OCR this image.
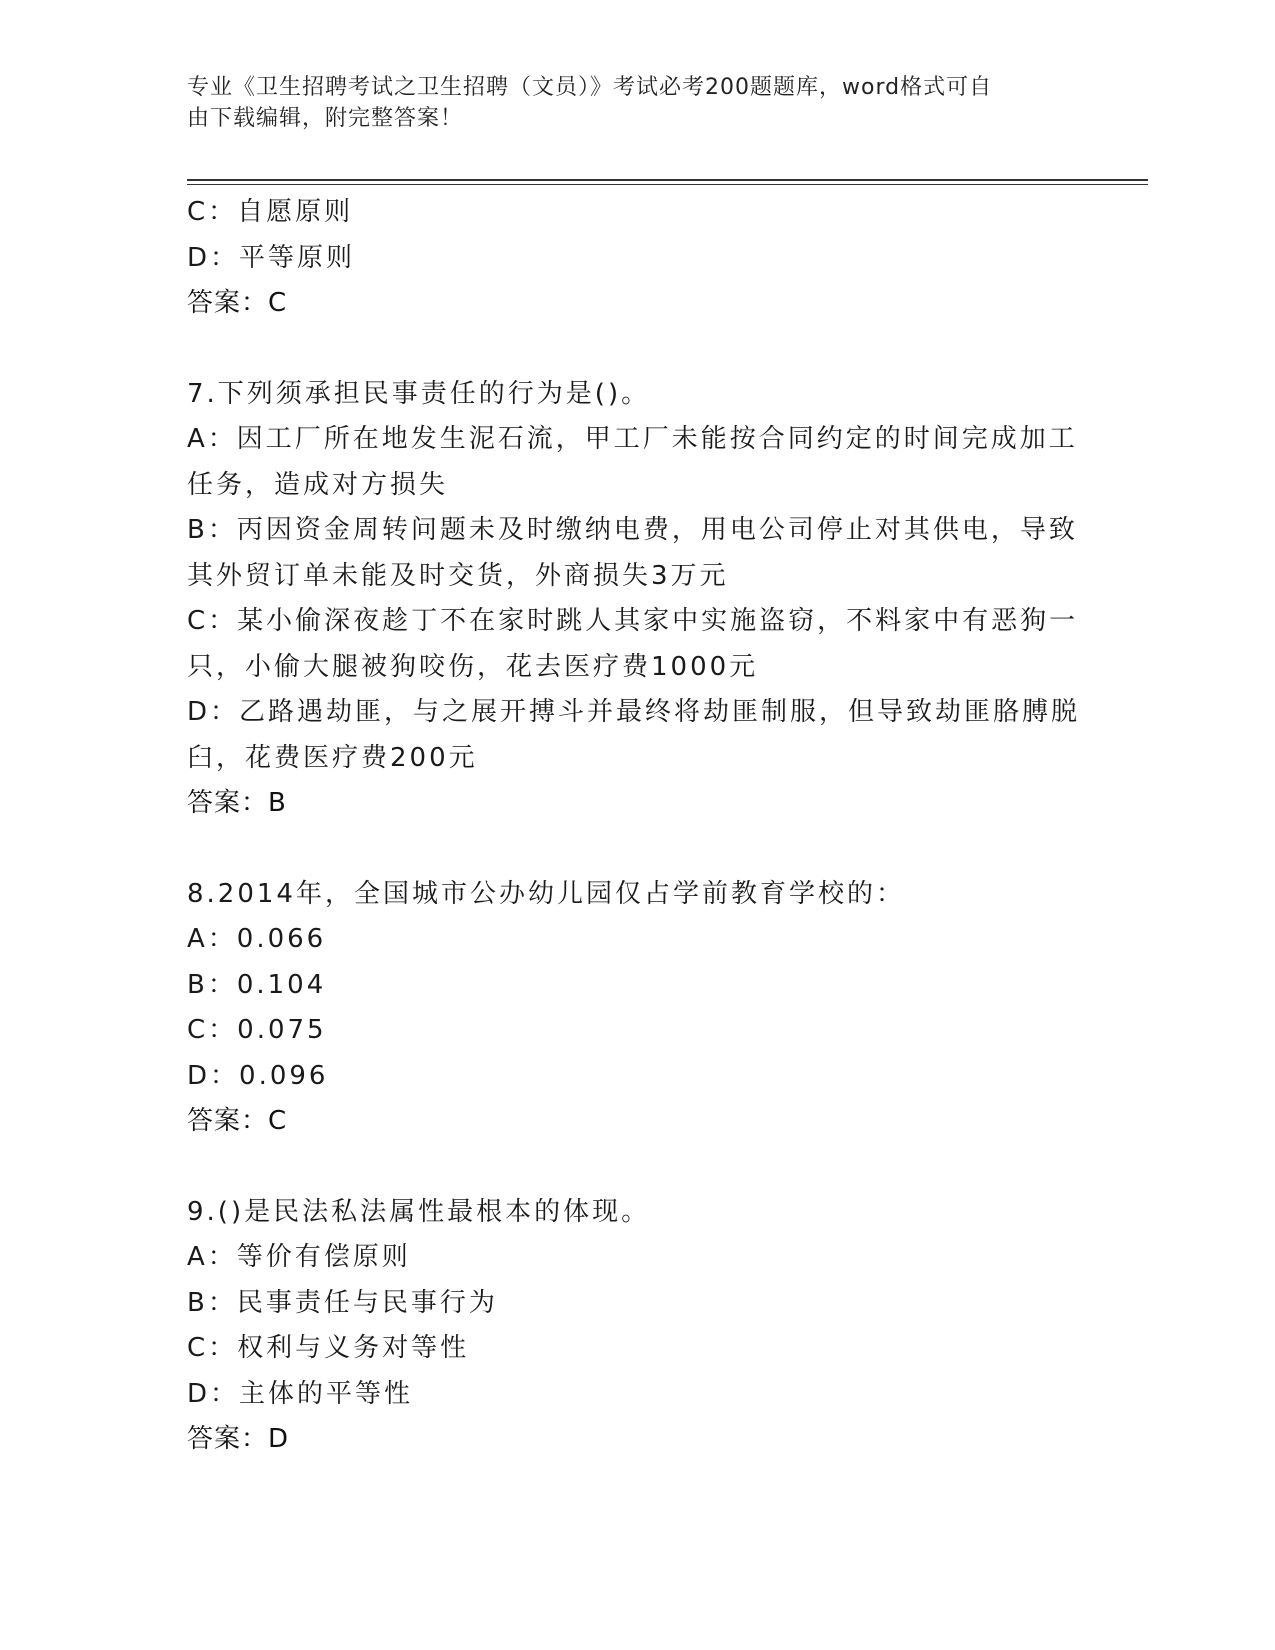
专业《卫生招聘考试之卫生招聘（文员）》考试必考200题题库，word格式可自
由下载编辑，附完整答案！
C：自愿原则
D：平等原则
答案：C
7.下列须承担民事责任的行为是()。
A：因工厂所在地发生泥石流，甲工厂未能按合同约定的时间完成加工
任务，造成对方损失
B：丙因资金周转问题未及时缴纳电费，用电公司停止对其供电，导致
其外贸订单未能及时交货，外商损失3万元
C：某小偷深夜趁丁不在家时跳人其家中实施盗窃，不料家中有恶狗一
只，小偷大腿被狗咬伤，花去医疗费1000元
D：乙路遇劫匪，与之展开搏斗并最终将劫匪制服，但导致劫匪胳膊脱
臼，花费医疗费200元
答案：B
8.2014年，全国城市公办幼儿园仅占学前教育学校的：
A：0.066
B：0.104
C：0.075
D：0.096
答案：C
9.()是民法私法属性最根本的体现。
A：等价有偿原则
B：民事责任与民事行为
C：权利与义务对等性
D：主体的平等性
答案：D
